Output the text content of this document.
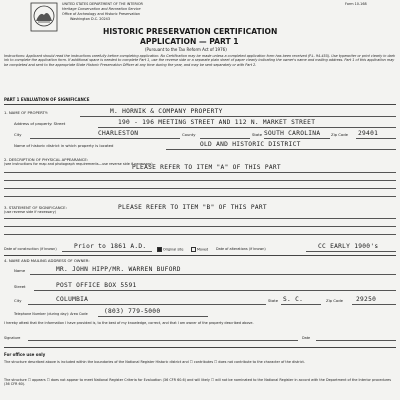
UNITED STATES DEPARTMENT OF THE INTERIOR
Heritage Conservation and Recreation Service
Office of Archeology and Historic Preservation
Washington D.C. 20243
Form 10-168
HISTORIC PRESERVATION CERTIFICATION
APPLICATION — PART 1
(Pursuant to the Tax Reform Act of 1976)
Instructions: Applicant should read the instructions carefully before completing application. No Certification may be made unless a completed application form has been received (P.L. 94-455). Use typewriter or print clearly in dark ink to complete the application form. If additional space is needed to complete Part 1, use the reverse side or a separate plain sheet of paper clearly indicating the owner's name and mailing address. Part 1 of this application may be completed and sent to the appropriate State Historic Preservation Officer at any time during the year, and may be sent separately or with Part 2.
PART 1 EVALUATION OF SIGNIFICANCE
1. NAME OF PROPERTY:	M. HORNIK & COMPANY PROPERTY
Address of property: Street	190 - 196 MEETING STREET AND 112 N. MARKET STREET
City	CHARLESTON	County	State SOUTH CAROLINA	Zip Code 29401
Name of historic district in which property is located	OLD AND HISTORIC DISTRICT
2. DESCRIPTION OF PHYSICAL APPEARANCE:
(see instructions for map and photograph requirements—use reverse side if necessary)
PLEASE REFER TO ITEM "A" OF THIS PART
3. STATEMENT OF SIGNIFICANCE:
(use reverse side if necessary)
PLEASE REFER TO ITEM "B" OF THIS PART
Date of construction (if known)	Prior to 1861 A.D.	Original site	Moved Date of alterations (if known)	CC EARLY 1900's
4. NAME AND MAILING ADDRESS OF OWNER:
Name	MR. JOHN HIPP/MR. WARREN BUFORD
Street	POST OFFICE BOX 5591
City	COLUMBIA	State S. C.	Zip Code 29250
Telephone Number (during day): Area Code	(803) 779-5000
I hereby attest that the information I have provided is, to the best of my knowledge, correct, and that I am owner of the property described above.
Signature	Date
For office use only
The structure described above is included within the boundaries of the National Register Historic district and ☐ contributes ☐ does not contribute to the character of the district.
The structure ☐ appears ☐ does not appear to meet National Register Criteria for Evaluation (36 CFR 60.6) and will likely ☐ will not be nominated to the National Register in accord with the Department of the Interior procedures (36 CFR 60).
